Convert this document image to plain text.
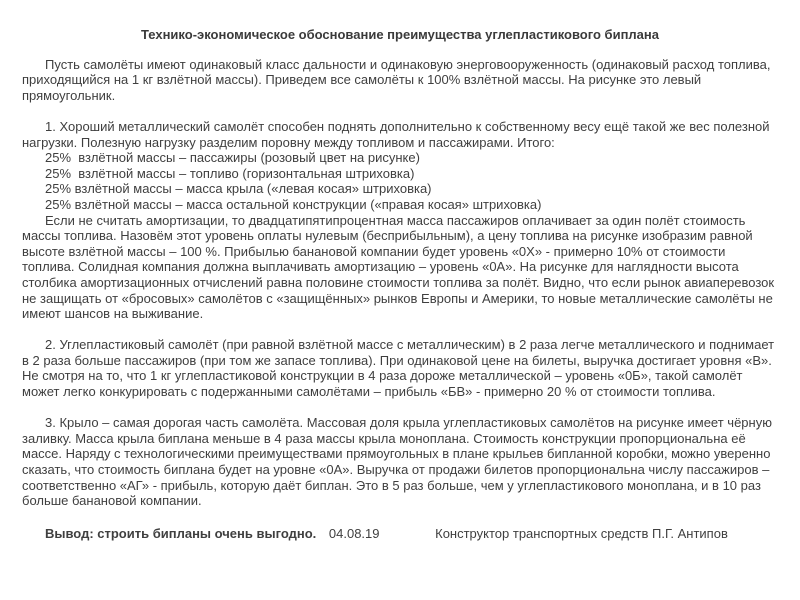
Технико-экономическое обоснование преимущества углепластикового биплана

Пусть самолёты имеют одинаковый класс дальности и одинаковую энерговооруженность (одинаковый расход топлива, приходящийся на 1 кг взлётной массы). Приведем все самолёты к 100% взлётной массы. На рисунке это левый прямоугольник.

1. Хороший металлический самолёт способен поднять дополнительно к собственному весу ещё такой же вес полезной нагрузки. Полезную нагрузку разделим поровну между топливом и пассажирами. Итого:

25%  взлётной массы – пассажиры (розовый цвет на рисунке)
25%  взлётной массы – топливо (горизонтальная штриховка)
25% взлётной массы – масса крыла («левая косая» штриховка)
25% взлётной массы – масса остальной конструкции («правая косая» штриховка)

Если не считать амортизации, то двадцатипятипроцентная масса пассажиров оплачивает за один полёт стоимость массы топлива. Назовём этот уровень оплаты нулевым (бесприбыльным), а цену топлива на рисунке изобразим равной высоте взлётной массы – 100 %. Прибылью банановой компании будет уровень «0Х» - примерно 10% от стоимости топлива. Солидная компания должна выплачивать амортизацию – уровень «0А». На рисунке для наглядности высота столбика амортизационных отчислений равна половине стоимости топлива за полёт. Видно, что если рынок авиаперевозок не защищать от «бросовых» самолётов с «защищённых» рынков Европы и Америки, то новые металлические самолёты не имеют шансов на выживание.

2. Углепластиковый самолёт (при равной взлётной массе с металлическим) в 2 раза легче металлического и поднимает в 2 раза больше пассажиров (при том же запасе топлива). При одинаковой цене на билеты, выручка достигает уровня «В». Не смотря на то, что 1 кг углепластиковой конструкции в 4 раза дороже металлической – уровень «0Б», такой самолёт может легко конкурировать с подержанными самолётами – прибыль «БВ» - примерно 20 % от стоимости топлива.

3. Крыло – самая дорогая часть самолёта. Массовая доля крыла углепластиковых самолётов на рисунке имеет чёрную заливку. Масса крыла биплана меньше в 4 раза массы крыла моноплана. Стоимость конструкции пропорциональна её массе. Наряду с технологическими преимуществами прямоугольных в плане крыльев бипланной коробки, можно уверенно сказать, что стоимость биплана будет на уровне «0А». Выручка от продажи билетов пропорциональна числу пассажиров – соответственно «АГ» - прибыль, которую даёт биплан. Это в 5 раз больше, чем у углепластикового моноплана, и в 10 раз больше банановой компании.

Вывод: строить бипланы очень выгодно. 04.08.19	Конструктор транспортных средств П.Г. Антипов
